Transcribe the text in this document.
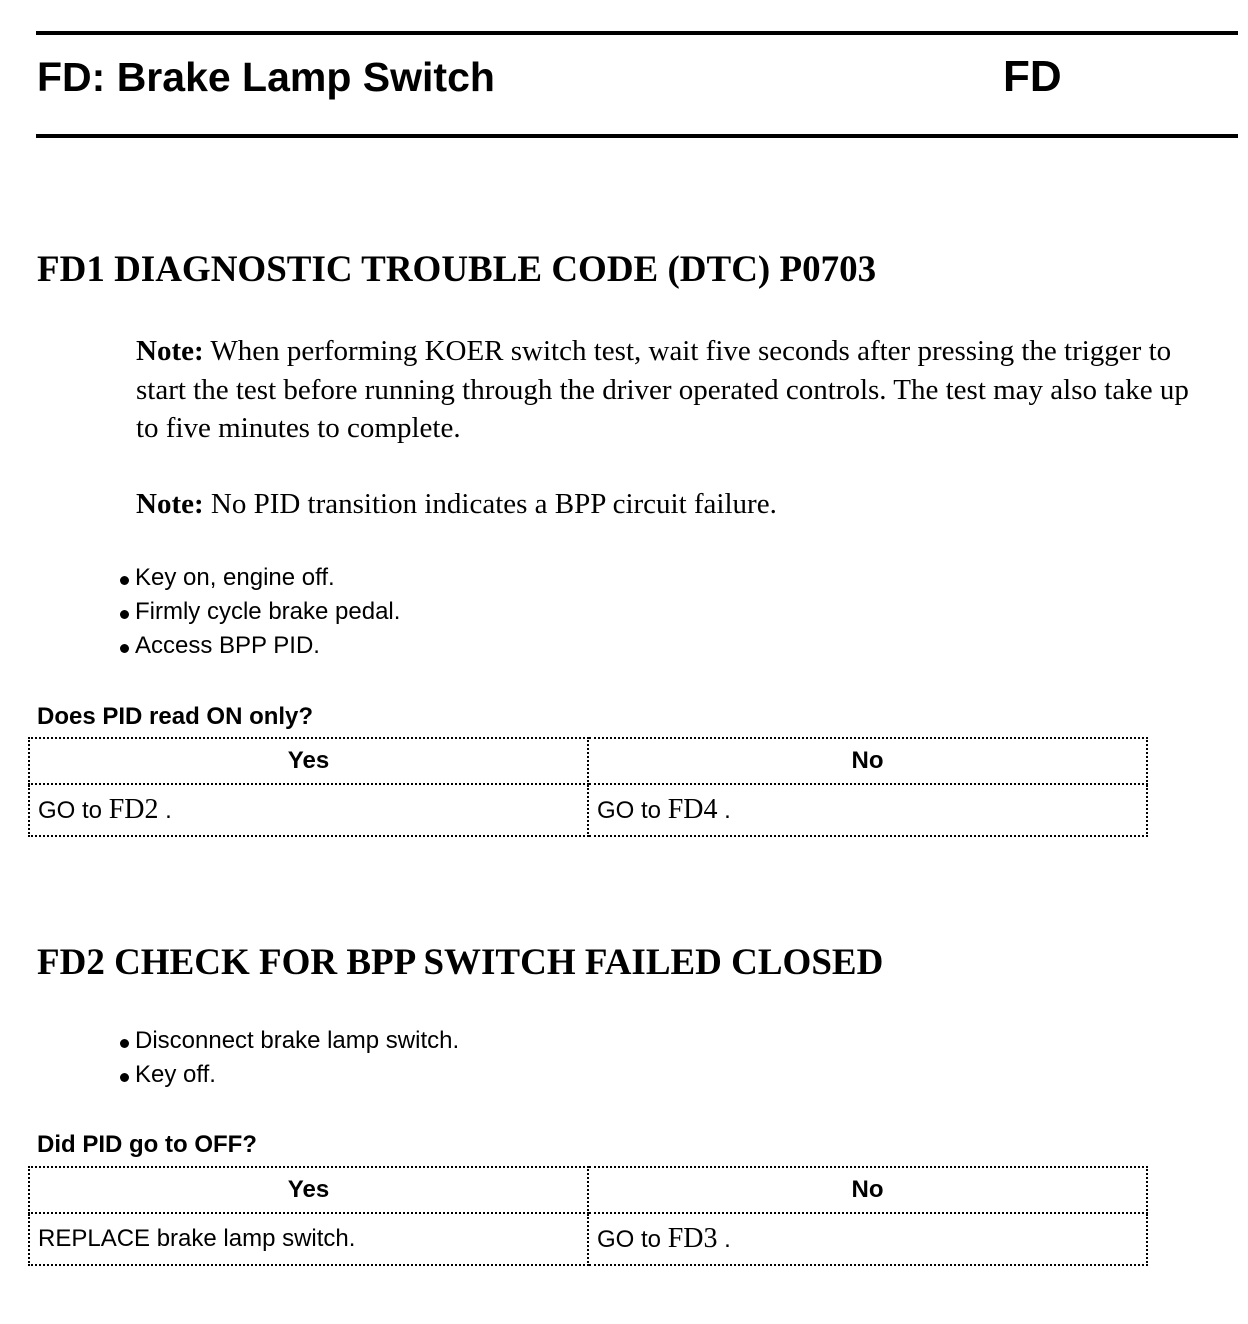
FD: Brake Lamp Switch	FD
FD1 DIAGNOSTIC TROUBLE CODE (DTC) P0703
Note: When performing KOER switch test, wait five seconds after pressing the trigger to start the test before running through the driver operated controls. The test may also take up to five minutes to complete.
Note: No PID transition indicates a BPP circuit failure.
Key on, engine off.
Firmly cycle brake pedal.
Access BPP PID.
Does PID read ON only?
Yes	No
GO to FD2 .	GO to FD4 .
FD2 CHECK FOR BPP SWITCH FAILED CLOSED
Disconnect brake lamp switch.
Key off.
Did PID go to OFF?
Yes	No
REPLACE brake lamp switch.	GO to FD3 .
